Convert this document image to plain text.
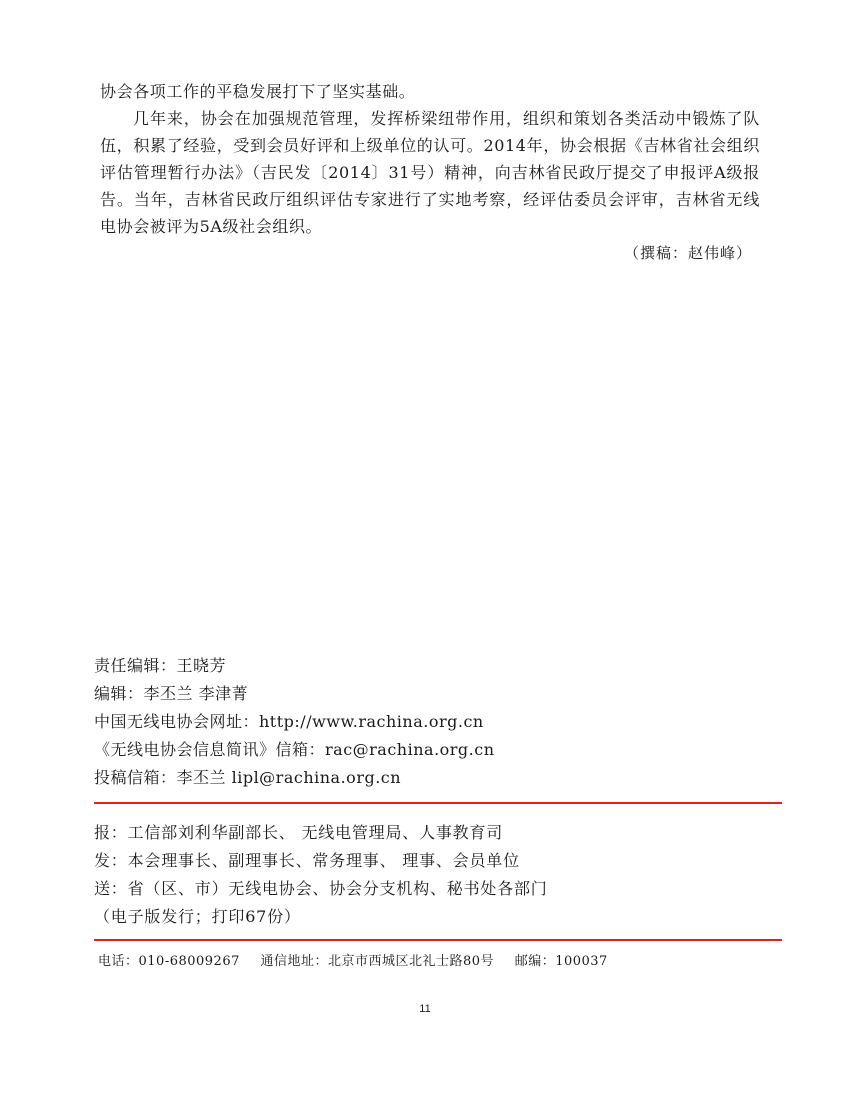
协会各项工作的平稳发展打下了坚实基础。

几年来，协会在加强规范管理，发挥桥梁纽带作用，组织和策划各类活动中锻炼了队伍，积累了经验，受到会员好评和上级单位的认可。2014年，协会根据《吉林省社会组织评估管理暂行办法》（吉民发〔2014〕31号）精神，向吉林省民政厅提交了申报评A级报告。当年，吉林省民政厅组织评估专家进行了实地考察，经评估委员会评审，吉林省无线电协会被评为5A级社会组织。

（撰稿：赵伟峰）
责任编辑：王晓芳
编辑：李丕兰 李津菁
中国无线电协会网址：http://www.rachina.org.cn
《无线电协会信息简讯》信箱：rac@rachina.org.cn
投稿信箱：李丕兰 lipl@rachina.org.cn
报：工信部刘利华副部长、 无线电管理局、人事教育司
发：本会理事长、副理事长、常务理事、 理事、会员单位
送：省（区、市）无线电协会、协会分支机构、秘书处各部门
（电子版发行；打印67份）
电话：010-68009267 通信地址：北京市西城区北礼士路80号 邮编：100037
11
